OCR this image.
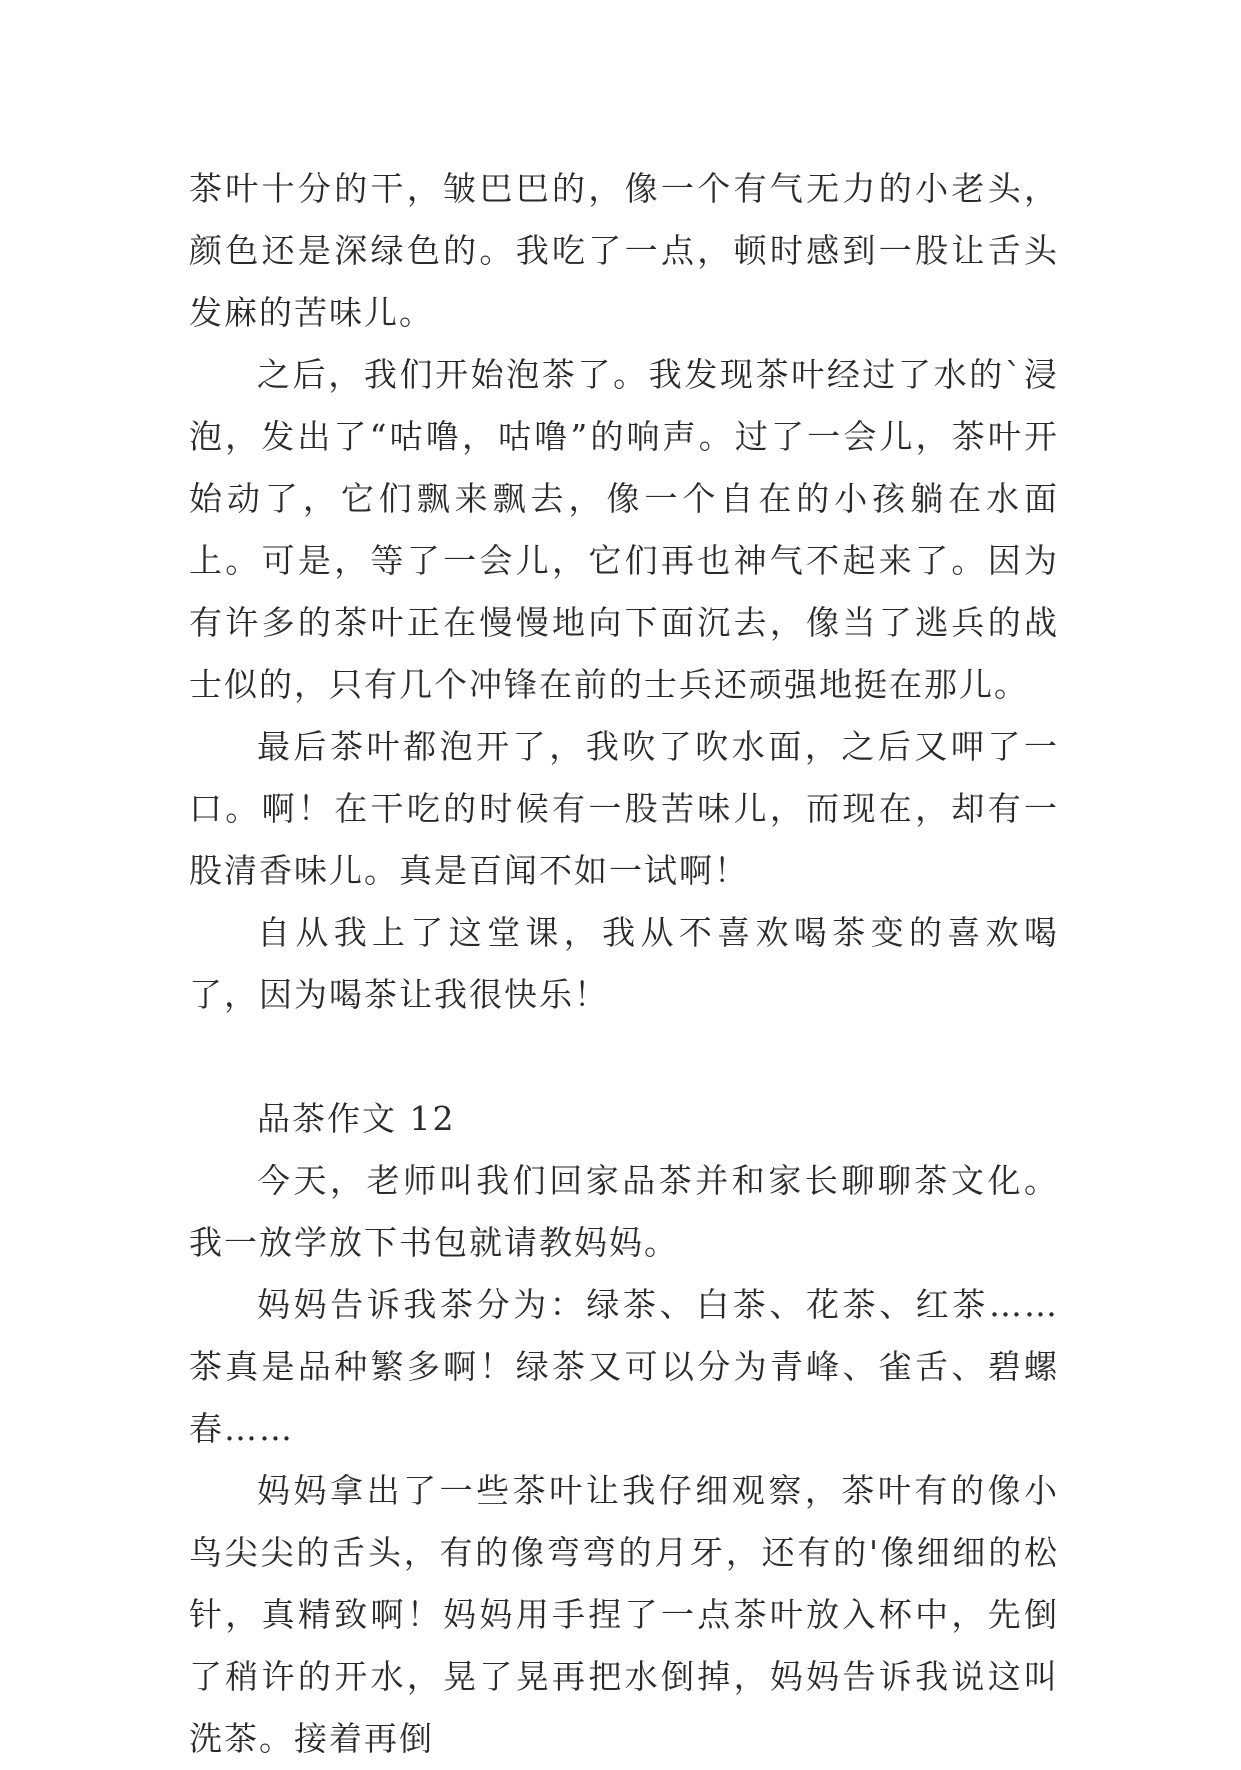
茶叶十分的干，皱巴巴的，像一个有气无力的小老头，颜色还是深绿色的。我吃了一点，顿时感到一股让舌头发麻的苦味儿。

之后，我们开始泡茶了。我发现茶叶经过了水的`浸泡，发出了“咕噜，咕噜”的响声。过了一会儿，茶叶开始动了，它们飘来飘去，像一个自在的小孩躺在水面上。可是，等了一会儿，它们再也神气不起来了。因为有许多的茶叶正在慢慢地向下面沉去，像当了逃兵的战士似的，只有几个冲锋在前的士兵还顽强地挺在那儿。

最后茶叶都泡开了，我吹了吹水面，之后又呷了一口。啊！在干吃的时候有一股苦味儿，而现在，却有一股清香味儿。真是百闻不如一试啊！

自从我上了这堂课，我从不喜欢喝茶变的喜欢喝了，因为喝茶让我很快乐！

品茶作文 12

今天，老师叫我们回家品茶并和家长聊聊茶文化。我一放学放下书包就请教妈妈。

妈妈告诉我茶分为：绿茶、白茶、花茶、红茶……茶真是品种繁多啊！绿茶又可以分为青峰、雀舌、碧螺春……

妈妈拿出了一些茶叶让我仔细观察，茶叶有的像小鸟尖尖的舌头，有的像弯弯的月牙，还有的'像细细的松针，真精致啊！妈妈用手捏了一点茶叶放入杯中，先倒了稍许的开水，晃了晃再把水倒掉，妈妈告诉我说这叫洗茶。接着再倒
